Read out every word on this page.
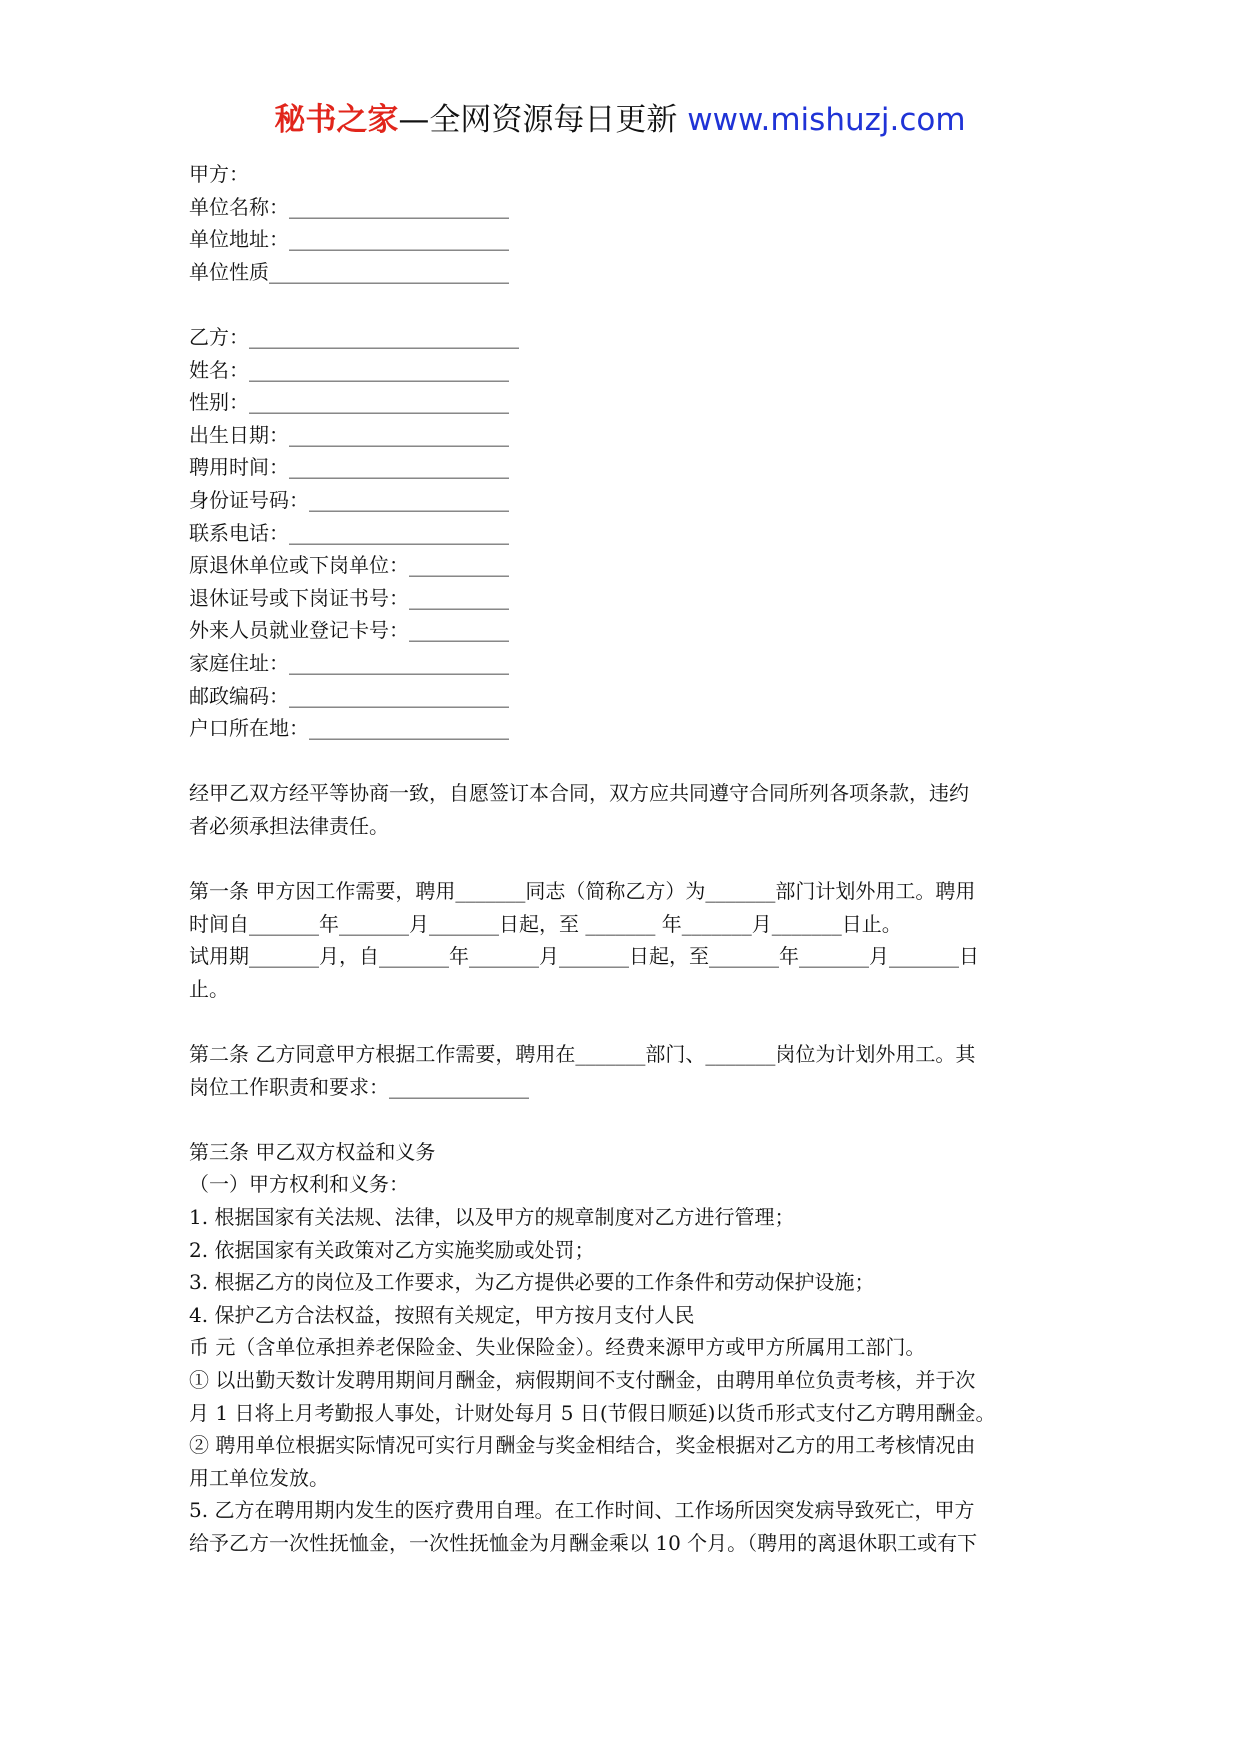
秘书之家—全网资源每日更新 www.mishuzj.com
甲方：
单位名称：______________________
单位地址：______________________
单位性质________________________
乙方：___________________________
姓名：__________________________
性别：__________________________
出生日期：______________________
聘用时间：______________________
身份证号码：____________________
联系电话：______________________
原退休单位或下岗单位：__________
退休证号或下岗证书号：__________
外来人员就业登记卡号：__________
家庭住址：______________________
邮政编码：______________________
户口所在地：____________________
经甲乙双方经平等协商一致，自愿签订本合同，双方应共同遵守合同所列各项条款，违约
者必须承担法律责任。
第一条 甲方因工作需要，聘用_______同志（简称乙方）为_______部门计划外用工。聘用
时间自_______年_______月_______日起，至 _______ 年_______月_______日止。
试用期_______月，自_______年_______月_______日起，至_______年_______月_______日
止。
第二条 乙方同意甲方根据工作需要，聘用在_______部门、_______岗位为计划外用工。其
岗位工作职责和要求：______________
第三条 甲乙双方权益和义务
（一）甲方权利和义务：
1. 根据国家有关法规、法律，以及甲方的规章制度对乙方进行管理；
2. 依据国家有关政策对乙方实施奖励或处罚；
3. 根据乙方的岗位及工作要求，为乙方提供必要的工作条件和劳动保护设施；
4. 保护乙方合法权益，按照有关规定，甲方按月支付人民
币 元（含单位承担养老保险金、失业保险金）。经费来源甲方或甲方所属用工部门。
① 以出勤天数计发聘用期间月酬金，病假期间不支付酬金，由聘用单位负责考核，并于次
月 1 日将上月考勤报人事处，计财处每月 5 日(节假日顺延)以货币形式支付乙方聘用酬金。
② 聘用单位根据实际情况可实行月酬金与奖金相结合，奖金根据对乙方的用工考核情况由
用工单位发放。
5. 乙方在聘用期内发生的医疗费用自理。在工作时间、工作场所因突发病导致死亡，甲方
给予乙方一次性抚恤金，一次性抚恤金为月酬金乘以 10 个月。（聘用的离退休职工或有下
